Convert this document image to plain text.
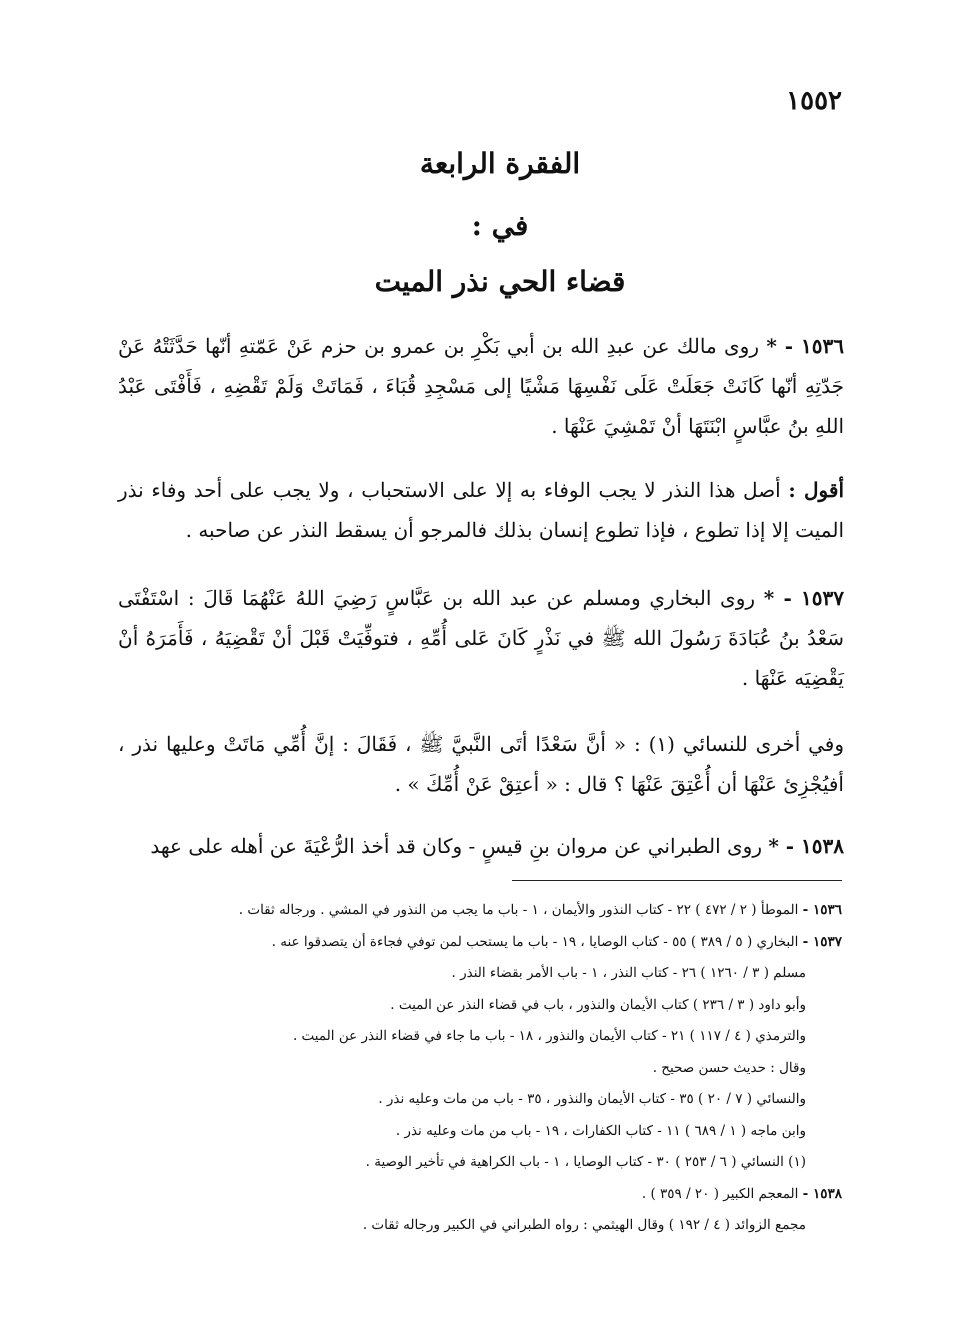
١٥٥٢
الفقرة الرابعة
في :
قضاء الحي نذر الميت
١٥٣٦ - * روى مالك عن عبدِ الله بن أبي بَكْرِ بن عمرو بن حزم عَنْ عَمّتهِ أنّها حَدَّثَتْهُ عَنْ جَدّتِهِ أنّها كَانَتْ جَعَلَتْ عَلَى نَفْسِهَا مَشْيًا إلى مَسْجِدِ قُبَاءَ ، فَمَاتَتْ وَلَمْ تَقْضِهِ ، فَأَفْتَى عَبْدُ اللهِ بنُ عبَّاسٍ ابْنَتَهَا أنْ تَمْشِيَ عَنْهَا .
أقول : أصل هذا النذر لا يجب الوفاء به إلا على الاستحباب ، ولا يجب على أحد وفاء نذر الميت إلا إذا تطوع ، فإذا تطوع إنسان بذلك فالمرجو أن يسقط النذر عن صاحبه .
١٥٣٧ - * روى البخاري ومسلم عن عبد الله بن عَبَّاسٍ رَضِيَ اللهُ عَنْهُمَا قَالَ : اسْتَفْتَى سَعْدُ بنُ عُبَادَةَ رَسُولَ الله ﷺ في نَذْرٍ كَانَ عَلى أُمِّهِ ، فتوفِّيَتْ قَبْلَ أنْ تَقْضِيَهُ ، فَأَمَرَهُ أنْ يَقْضِيَه عَنْهَا .
وفي أخرى للنسائي (١) : « أنَّ سَعْدًا أتَى النَّبيَّ ﷺ ، فَقَالَ : إنَّ أُمِّي مَاتَتْ وعليها نذر ، أفيُجْزِئ عَنْهَا أن أُعْتِقَ عَنْهَا ؟ قال : « أعتِقْ عَنْ أُمِّكَ » .
١٥٣٨ - * روى الطبراني عن مروان بنِ قيسٍ - وكان قد أخذ الرُّعْيَةَ عن أهله على عهد
١٥٣٦ - الموطأ ( ٢ / ٤٧٢ ) ٢٢ - كتاب النذور والأيمان ، ١ - باب ما يجب من النذور في المشي . ورجاله ثقات .
١٥٣٧ - البخاري ( ٥ / ٣٨٩ ) ٥٥ - كتاب الوصايا ، ١٩ - باب ما يستحب لمن توفي فجاءة أن يتصدقوا عنه .
مسلم ( ٣ / ١٢٦٠ ) ٢٦ - كتاب النذر ، ١ - باب الأمر بقضاء النذر .
وأبو داود ( ٣ / ٢٣٦ ) كتاب الأيمان والنذور ، باب في قضاء النذر عن الميت .
والترمذي ( ٤ / ١١٧ ) ٢١ - كتاب الأيمان والنذور ، ١٨ - باب ما جاء في قضاء النذر عن الميت .
وقال : حديث حسن صحيح .
والنسائي ( ٧ / ٢٠ ) ٣٥ - كتاب الأيمان والنذور ، ٣٥ - باب من مات وعليه نذر .
وابن ماجه ( ١ / ٦٨٩ ) ١١ - كتاب الكفارات ، ١٩ - باب من مات وعليه نذر .
(١) النسائي ( ٦ / ٢٥٣ ) ٣٠ - كتاب الوصايا ، ١ - باب الكراهية في تأخير الوصية .
١٥٣٨ - المعجم الكبير ( ٢٠ / ٣٥٩ ) .
مجمع الزوائد ( ٤ / ١٩٢ ) وقال الهيثمي : رواه الطبراني في الكبير ورجاله ثقات .
